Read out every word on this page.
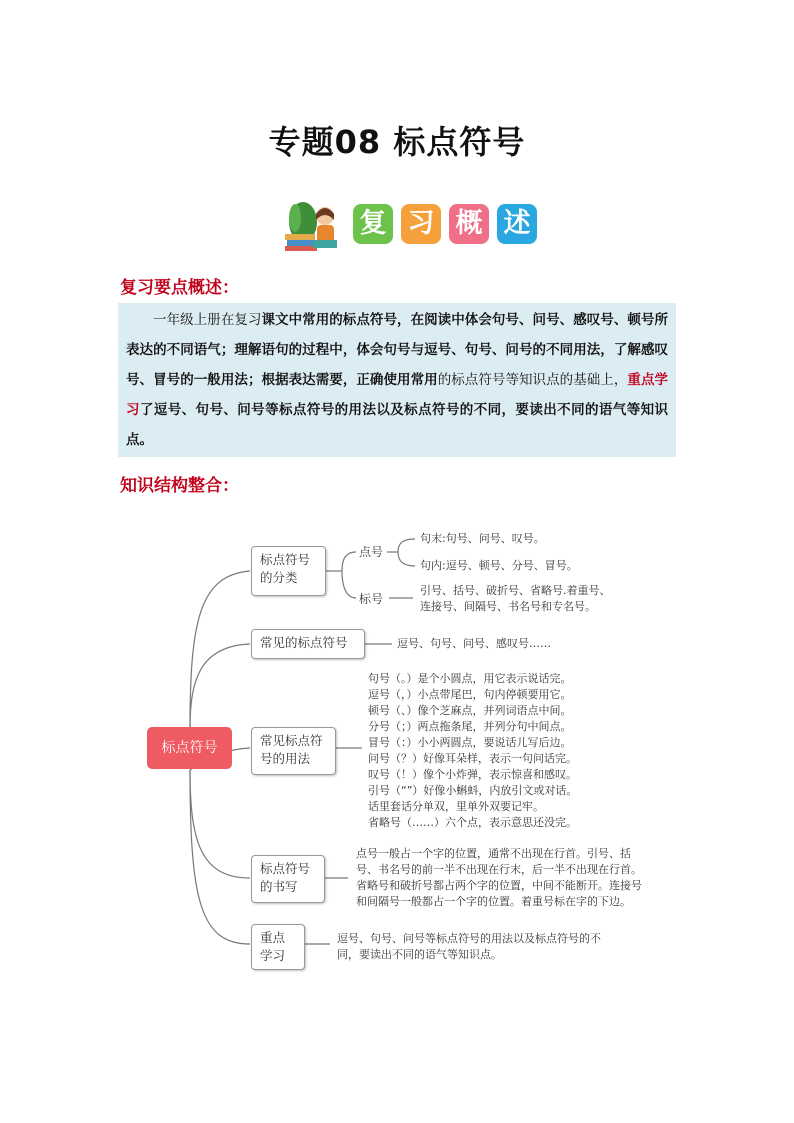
专题08 标点符号
复 习 概 述
复习要点概述：
一年级上册在复习课文中常用的标点符号，在阅读中体会句号、问号、感叹号、顿号所表达的不同语气；理解语句的过程中，体会句号与逗号、句号、问号的不同用法，了解感叹号、冒号的一般用法；根据表达需要，正确使用常用的标点符号等知识点的基础上，重点学习了逗号、句号、问号等标点符号的用法以及标点符号的不同，要读出不同的语气等知识点。
知识结构整合：
标点符号
标点符号的分类
点号
句末:句号、问号、叹号。
句内:逗号、顿号、分号、冒号。
标号
引号、括号、破折号、省略号.着重号、
连接号、间隔号、书名号和专名号。
常见的标点符号	逗号、句号、问号、感叹号……
常见标点符号的用法
句号（。）是个小圆点，用它表示说话完。
逗号（，）小点带尾巴，句内停顿要用它。
顿号（、）像个芝麻点，并列词语点中间。
分号（；）两点拖条尾，并列分句中间点。
冒号（：）小小两圆点，要说话儿写后边。
问号（？）好像耳朵样，表示一句问话完。
叹号（！）像个小炸弹，表示惊喜和感叹。
引号（“”）好像小蝌蚪，内放引文或对话。
话里套话分单双，里单外双要记牢。
省略号（……）六个点，表示意思还没完。
标点符号的书写
点号一般占一个字的位置，通常不出现在行首。引号、括
号、书名号的前一半不出现在行末，后一半不出现在行首。
省略号和破折号都占两个字的位置，中间不能断开。连接号
和间隔号一般都占一个字的位置。着重号标在字的下边。
重点学习
逗号、句号、问号等标点符号的用法以及标点符号的不
同，要读出不同的语气等知识点。
